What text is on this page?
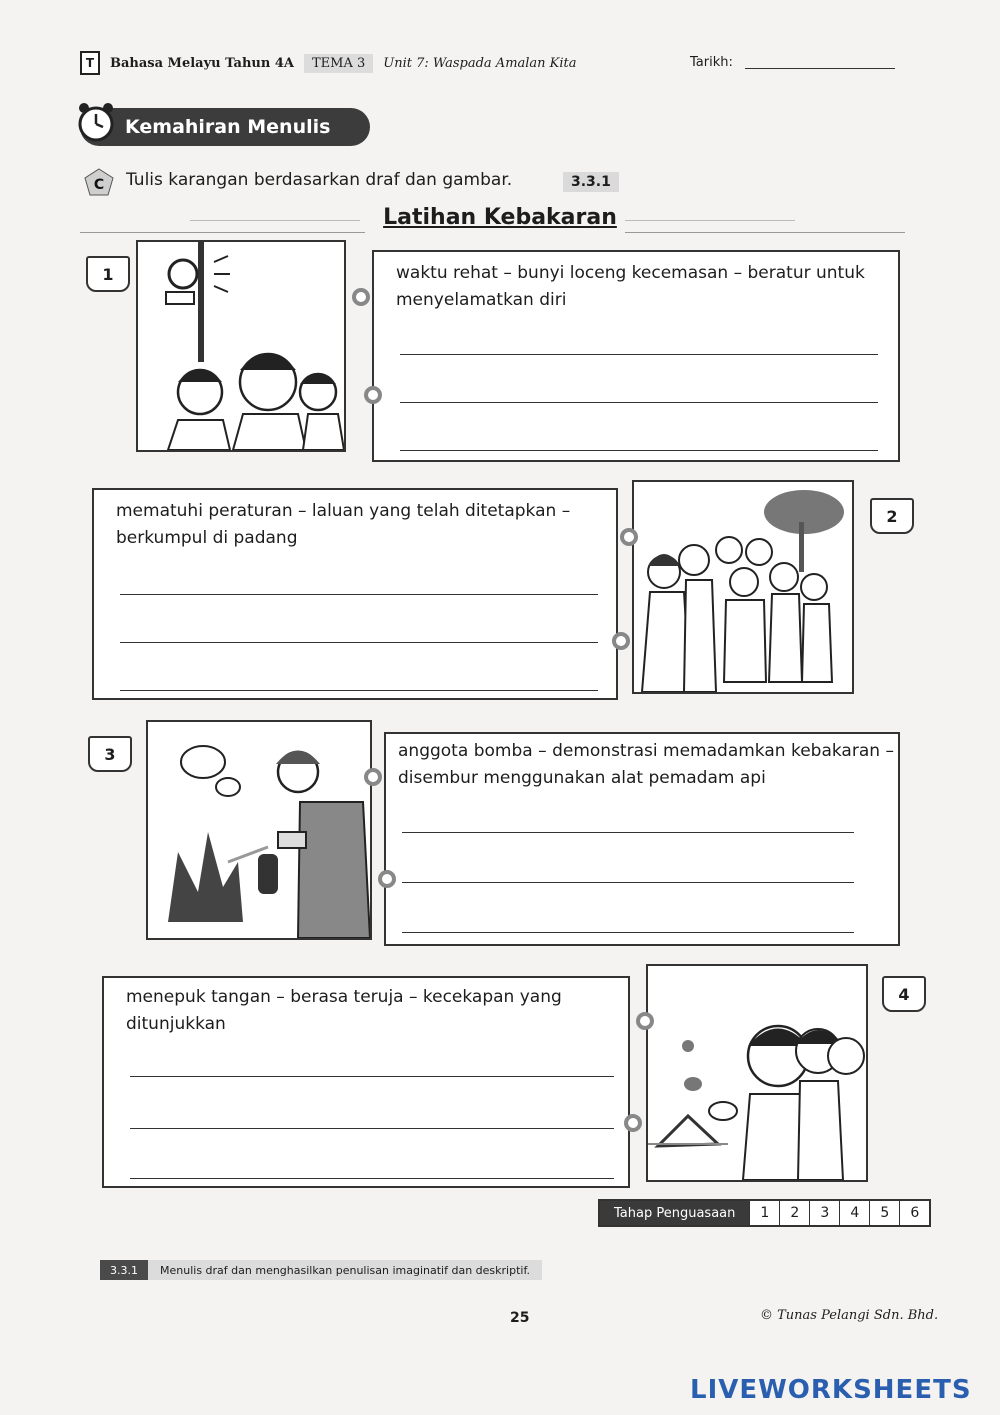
T	Bahasa Melayu Tahun 4A	TEMA 3	Unit 7: Waspada Amalan Kita	Tarikh:
Kemahiran Menulis
C Tulis karangan berdasarkan draf dan gambar.	3.3.1
Latihan Kebakaran
1	waktu rehat – bunyi loceng kecemasan – beratur untuk menyelamatkan diri
mematuhi peraturan – laluan yang telah ditetapkan – berkumpul di padang
2
3	anggota bomba – demonstrasi memadamkan kebakaran – disembur menggunakan alat pemadam api
menepuk tangan – berasa teruja – kecekapan yang ditunjukkan
4
Tahap Penguasaan	1	2	3	4	5	6
3.3.1	Menulis draf dan menghasilkan penulisan imaginatif dan deskriptif.
25	© Tunas Pelangi Sdn. Bhd.
LIVEWORKSHEETS
